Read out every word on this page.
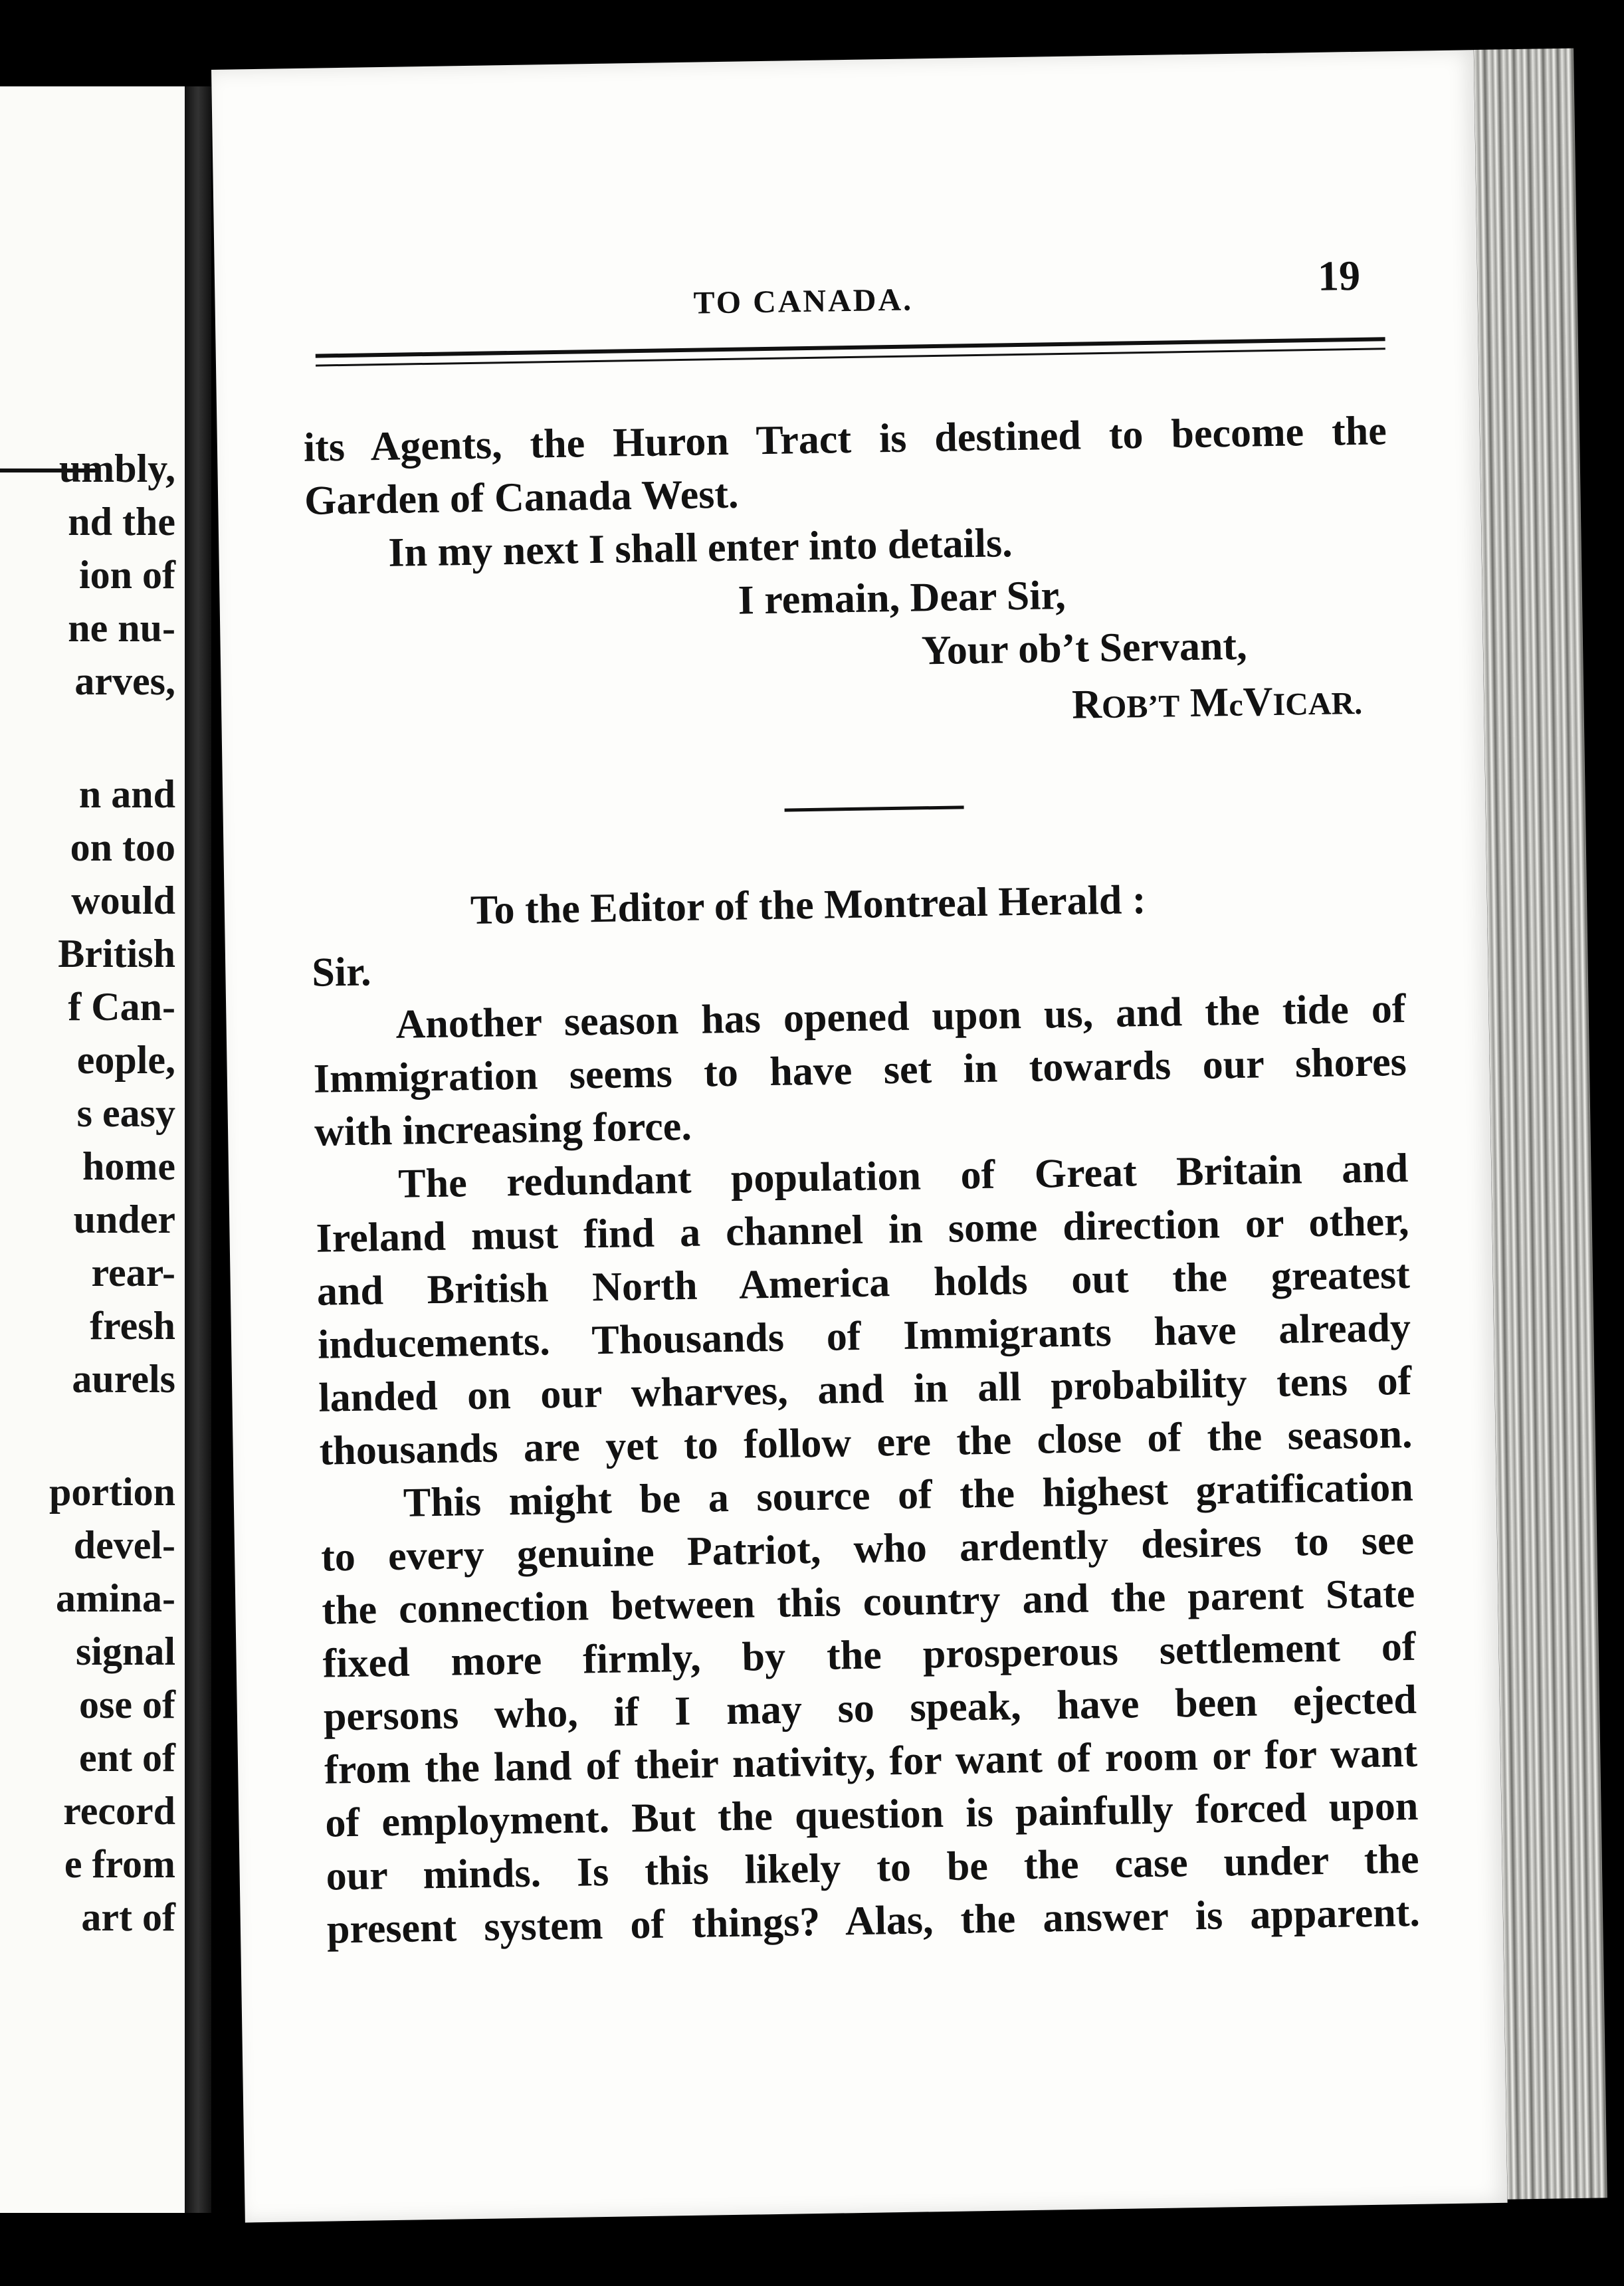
umbly,
nd the
ion of
ne nu-
arves,
n and
on too
would
British
f Can-
eople,
s easy
home
under
rear-
fresh
aurels
portion
devel-
amina-
signal
ose of
ent of
record
e from
art of
TO CANADA.
19
its Agents, the Huron Tract is destined to become the
Garden of Canada West.
In my next I shall enter into details.
I remain, Dear Sir,
Your ob’t Servant,
ROB’T McVICAR.
To the Editor of the Montreal Herald :
Sir.
Another season has opened upon us, and the tide of
Immigration seems to have set in towards our shores
with increasing force.
The redundant population of Great Britain and
Ireland must find a channel in some direction or other,
and British North America holds out the greatest
inducements. Thousands of Immigrants have already
landed on our wharves, and in all probability tens of
thousands are yet to follow ere the close of the season.
This might be a source of the highest gratification
to every genuine Patriot, who ardently desires to see
the connection between this country and the parent State
fixed more firmly, by the prosperous settlement of
persons who, if I may so speak, have been ejected
from the land of their nativity, for want of room or for want
of employment. But the question is painfully forced upon
our minds. Is this likely to be the case under the
present system of things? Alas, the answer is apparent.
